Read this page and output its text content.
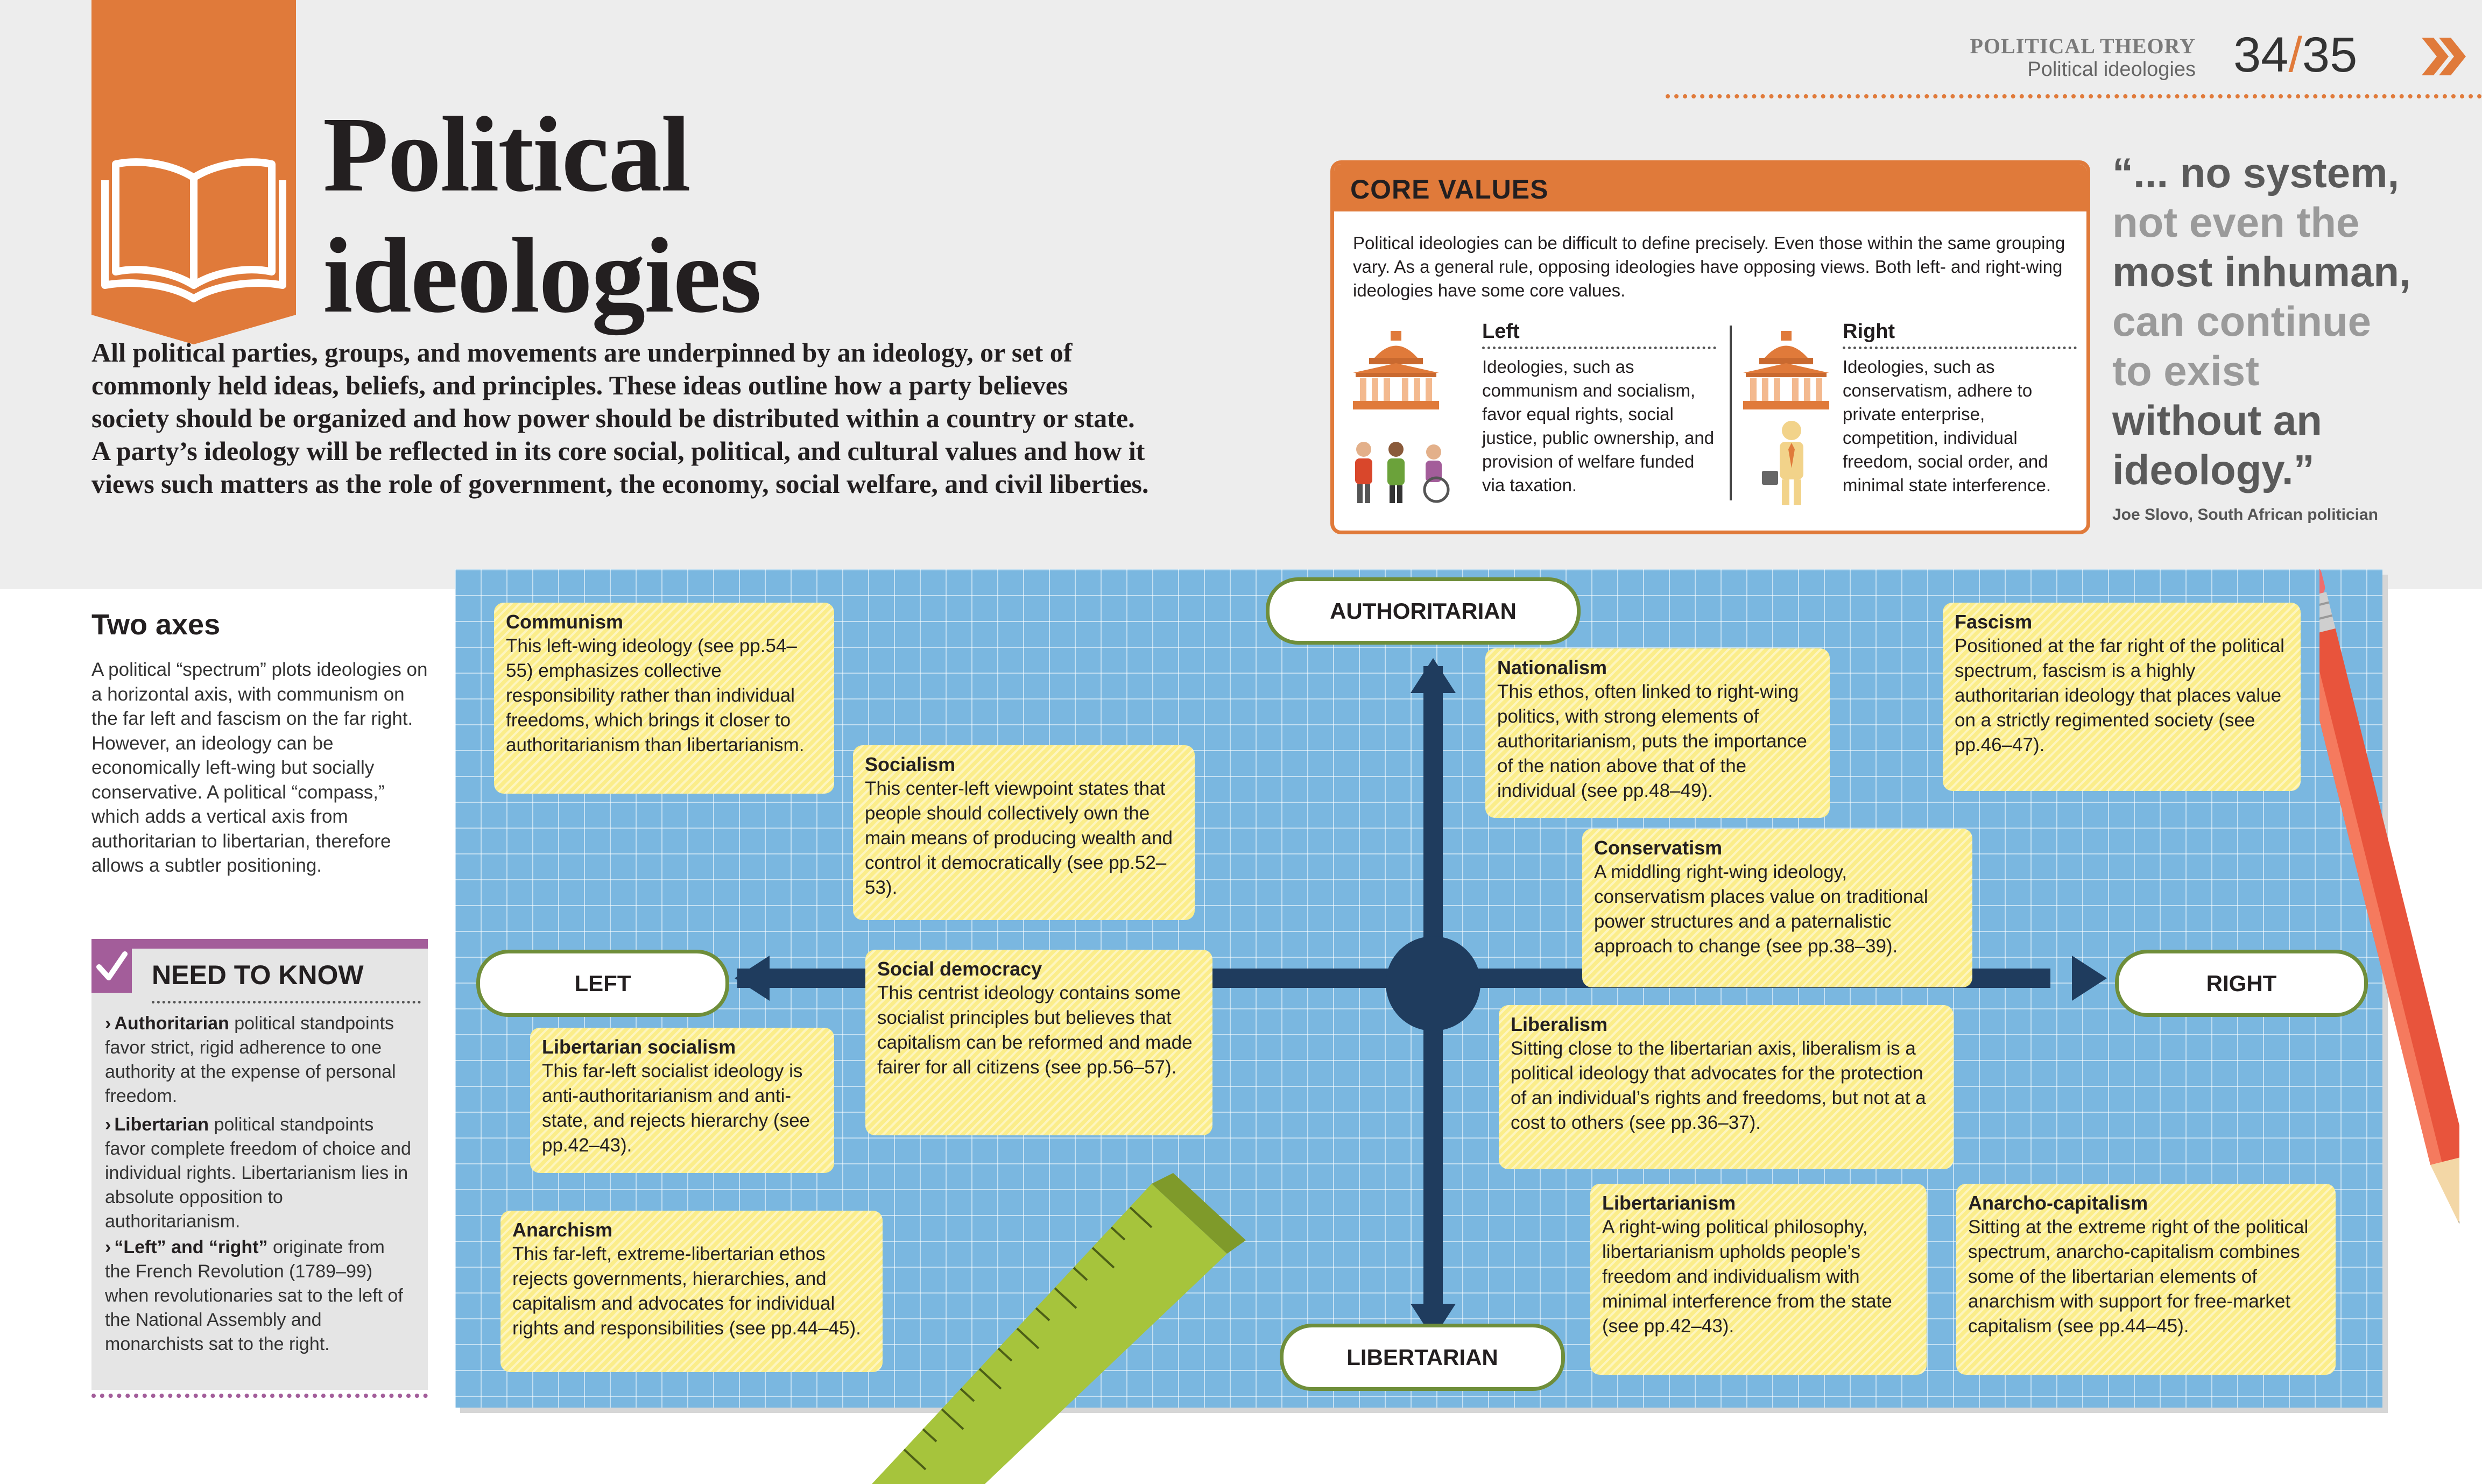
POLITICAL THEORY
Political ideologies 34/35
Political
ideologies
All political parties, groups, and movements are underpinned by an ideology, or set of commonly held ideas, beliefs, and principles. These ideas outline how a party believes society should be organized and how power should be distributed within a country or state. A party’s ideology will be reflected in its core social, political, and cultural values and how it views such matters as the role of government, the economy, social welfare, and civil liberties.
CORE VALUES
Political ideologies can be difficult to define precisely. Even those within the same grouping vary. As a general rule, opposing ideologies have opposing views. Both left- and right-wing ideologies have some core values.
Left
Ideologies, such as communism and socialism, favor equal rights, social justice, public ownership, and provision of welfare funded via taxation.
Right
Ideologies, such as conservatism, adhere to private enterprise, competition, individual freedom, social order, and minimal state interference.
“... no system,
not even the
most inhuman,
can continue
to exist
without an
ideology.”
Joe Slovo, South African politician
Two axes
A political “spectrum” plots ideologies on a horizontal axis, with communism on the far left and fascism on the far right. However, an ideology can be economically left-wing but socially conservative. A political “compass,” which adds a vertical axis from authoritarian to libertarian, therefore allows a subtler positioning.
NEED TO KNOW
› Authoritarian political standpoints favor strict, rigid adherence to one authority at the expense of personal freedom.
› Libertarian political standpoints favor complete freedom of choice and individual rights. Libertarianism lies in absolute opposition to authoritarianism.
› “Left” and “right” originate from the French Revolution (1789–99) when revolutionaries sat to the left of the National Assembly and monarchists sat to the right.
AUTHORITARIAN
LIBERTARIAN
LEFT	RIGHT
Communism
This left-wing ideology (see pp.54–55) emphasizes collective responsibility rather than individual freedoms, which brings it closer to authoritarianism than libertarianism.
Socialism
This center-left viewpoint states that people should collectively own the main means of producing wealth and control it democratically (see pp.52–53).
Social democracy
This centrist ideology contains some socialist principles but believes that capitalism can be reformed and made fairer for all citizens (see pp.56–57).
Libertarian socialism
This far-left socialist ideology is anti-authoritarianism and anti-state, and rejects hierarchy (see pp.42–43).
Anarchism
This far-left, extreme-libertarian ethos rejects governments, hierarchies, and capitalism and advocates for individual rights and responsibilities (see pp.44–45).
Nationalism
This ethos, often linked to right-wing politics, with strong elements of authoritarianism, puts the importance of the nation above that of the individual (see pp.48–49).
Fascism
Positioned at the far right of the political spectrum, fascism is a highly authoritarian ideology that places value on a strictly regimented society (see pp.46–47).
Conservatism
A middling right-wing ideology, conservatism places value on traditional power structures and a paternalistic approach to change (see pp.38–39).
Liberalism
Sitting close to the libertarian axis, liberalism is a political ideology that advocates for the protection of an individual’s rights and freedoms, but not at a cost to others (see pp.36–37).
Libertarianism
A right-wing political philosophy, libertarianism upholds people’s freedom and individualism with minimal interference from the state (see pp.42–43).
Anarcho-capitalism
Sitting at the extreme right of the political spectrum, anarcho-capitalism combines some of the libertarian elements of anarchism with support for free-market capitalism (see pp.44–45).
